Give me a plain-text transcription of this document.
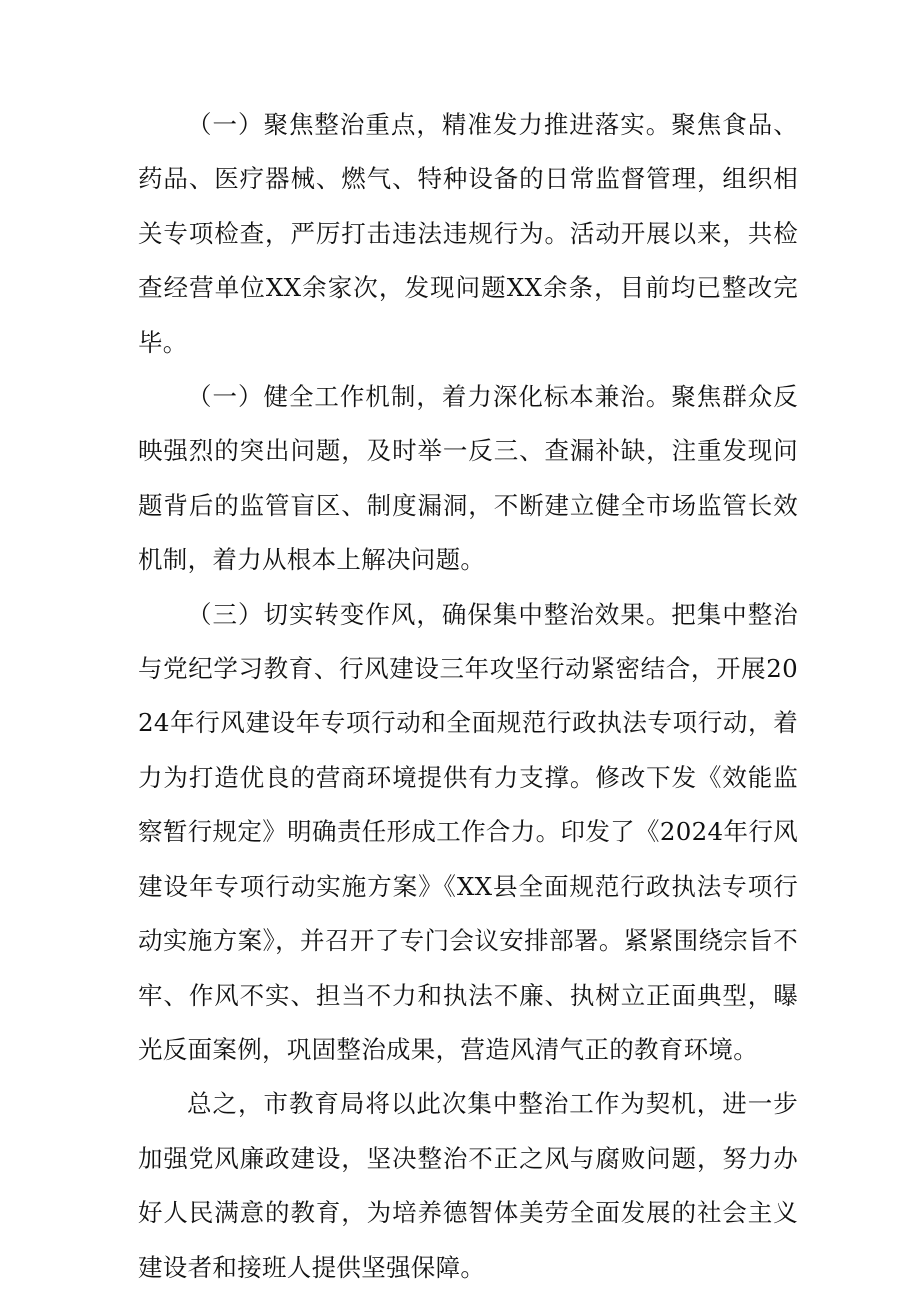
（一）聚焦整治重点，精准发力推进落实。聚焦食品、药品、医疗器械、燃气、特种设备的日常监督管理，组织相关专项检查，严厉打击违法违规行为。活动开展以来，共检查经营单位XX余家次，发现问题XX余条，目前均已整改完毕。

（一）健全工作机制，着力深化标本兼治。聚焦群众反映强烈的突出问题，及时举一反三、查漏补缺，注重发现问题背后的监管盲区、制度漏洞，不断建立健全市场监管长效机制，着力从根本上解决问题。

（三）切实转变作风，确保集中整治效果。把集中整治与党纪学习教育、行风建设三年攻坚行动紧密结合，开展2024年行风建设年专项行动和全面规范行政执法专项行动，着力为打造优良的营商环境提供有力支撑。修改下发《效能监察暂行规定》明确责任形成工作合力。印发了《2024年行风建设年专项行动实施方案》《XX县全面规范行政执法专项行动实施方案》，并召开了专门会议安排部署。紧紧围绕宗旨不牢、作风不实、担当不力和执法不廉、执树立正面典型，曝光反面案例，巩固整治成果，营造风清气正的教育环境。

总之，市教育局将以此次集中整治工作为契机，进一步加强党风廉政建设，坚决整治不正之风与腐败问题，努力办好人民满意的教育，为培养德智体美劳全面发展的社会主义建设者和接班人提供坚强保障。
